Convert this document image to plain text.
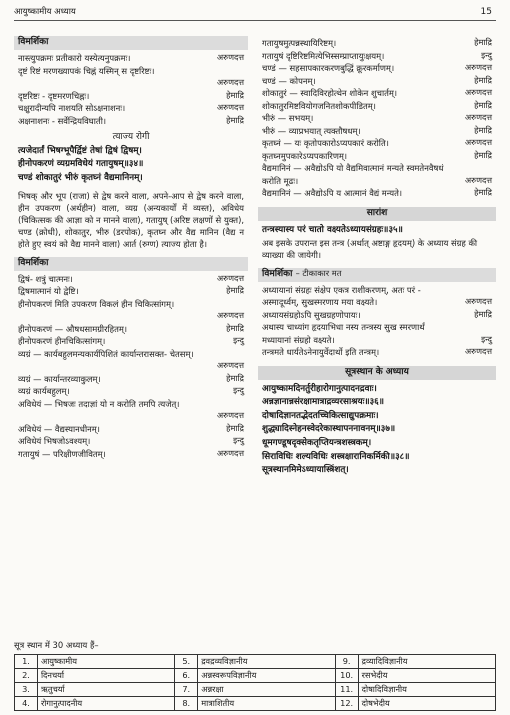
आयुष्कामीय अध्याय	15
विमर्शिका
नास्त्युपक्रमः प्रतीकारो यस्येत्यनुपक्रमः।	अरुणदत्त
दृष्टं रिष्टं मरणख्यापकं चिह्नं यस्मिन् स दृष्टरिष्टः।
अरुणदत्त
दृष्टरिष्टः - दृष्टमरणचिह्नः।	हेमाद्रि
चक्षुरादीन्यपि नाशयति सोऽक्षनाशनः।	अरुणदत्त
अक्षनाशनः - सर्वेन्द्रियविघाती।	हेमाद्रि
त्याज्य रोगी
त्यजेदार्तं भिषग्भूपैर्द्विष्टं तेषां द्विषं द्विषम्।
हीनोपकरणं व्यग्रमविधेयं गतायुषम्॥३४॥
चण्डं शोकातुरं भीरुं कृतघ्नं वैद्यमानिनम्।
भिषक् और भूप (राजा) से द्वेष करने वाला, अपने-आप से द्वेष करने वाला, हीन उपकरण (अर्थहीन) वाला, व्यग्र (अन्यकार्यों में व्यस्त), अविधेय (चिकित्सक की आज्ञा को न मानने वाला), गतायुष् (अरिष्ट लक्षणों से युक्त), चण्ड (क्रोधी), शोकातुर, भीरु (डरपोक), कृतघ्न और वैद्य मानिन (वैद्य न होते हुए स्वयं को वैद्य मानने वाला) आर्त (रुग्ण) त्याज्य होता है।
विमर्शिका
द्विषं- शत्रुं चात्मनः।	अरुणदत्त
द्विषमात्मानं यो द्वेष्टि।	हेमाद्रि
हीनोपकरणं मिति उपकरण विकलं हीन चिकित्सांगम्।
अरुणदत्त
हीनोपकरणं — औषधसामग्रीरहितम्।	हेमाद्रि
हीनोपकरणं हीनचिकित्सांगम्।	इन्दु
व्यग्रं — कार्यबहुलमन्यकार्यपिशितं कार्यान्तरासक्त- चेतसम्।
अरुणदत्त
व्यग्रं — कार्यान्तरव्याकुलम्।	हेमाद्रि
व्यग्रं कार्यबहुलम्।	इन्दु
अविधेयं — भिषजः तदाज्ञां यो न करोति तमपि त्यजेत्।
अरुणदत्त
अविधेयं — वैद्यस्यानधीनम्।	हेमाद्रि
अविधेयं भिषजोऽवश्यम्।	इन्दु
गतायुषं — परिक्षीणजीवितम्।	अरुणदत्त
गतायुषमुत्पन्नस्थायिरिष्टम्।	हेमाद्रि
गतायुषं दृष्टिरिष्टमित्येभिस्सम्प्राप्तायुःक्षयम्।	इन्दु
चण्डं — सहसापकारकरणबुद्धिं क्रूरकर्माणम्।	अरुणदत्त
चण्डं — कोपनम्।	हेमाद्रि
शोकातुरं — स्वादिविरहोत्थेन शोकेन शुचार्तम्।	अरुणदत्त
शोकातुरमिष्टवियोगजनितशोकपीडितम्।	हेमाद्रि
भीरुं — सभयम्।	अरुणदत्त
भीरुं — व्याप्रभयात् त्यक्तौषधम्।	हेमाद्रि
कृतघ्नं — यः कृतोपकारोऽप्यपकारं करोति।	अरुणदत्त
कृतघ्नमुपकारेऽप्यपकारिणम्।	हेमाद्रि
वैद्यमानिनं — अवैद्योऽपि यो वैद्यमिवात्मानं मन्यते स्वमतेनवैषधं
करोति मूढः।	अरुणदत्त
वैद्यमानिनं — अवैद्योऽपि य आत्मानं वैद्यं मन्यते।	हेमाद्रि
सारांश
तन्त्रस्यास्य परं चातो वक्ष्यतेऽध्यायसंग्रहः॥३५॥
अब इसके उपरान्त इस तन्त्र (अर्थात् अष्टाङ्ग हृदयम्) के अध्याय संग्रह की व्याख्या की जायेगी।
विमर्शिका – टीकाकार मत
अध्यायानां संग्रहः संक्षेप एकत्र राशीकरणम्, अतः परं -
अस्मादूर्ध्वम्, सुखस्मरणाय मया वक्ष्यते।	अरुणदत्त
अध्यायसंग्रहोऽपि सुखग्रहणोपायः।	हेमाद्रि
अथास्य चाध्यांग हृदयाभिधा नस्य तन्त्रस्य सुख स्मरणार्थं
मध्यायानां संग्रहो वक्ष्यते।	इन्दु
तन्त्रमते धार्यतेऽनेनायुर्वेदार्थो इति तन्त्रम्।	अरुणदत्त
सूत्रस्थान के अध्याय
आयुष्कामदिनर्तुरीहारोगानुत्पादनद्रवाः।
अन्नज्ञानान्नसंरक्षामात्राद्रव्यरसाश्रयः॥३६॥
दोषादिज्ञानतद्भेदतच्चिकित्साद्युपक्रमाः।
शुद्ध्यादिस्नेहनस्वेदरेकास्थापननावनम्॥३७॥
धूमगण्डूषदृक्सेकतृप्तियन्त्रशस्त्रकम्।
सिराविधिः शल्यविधिः शस्त्रक्षारानिकर्मिकी॥३८॥
सूत्रस्थानमिमेऽध्यायास्त्रिंशत्।
सूत्र स्थान में 30 अध्याय हैं–
1.	आयुष्कामीय	5.	द्रवद्रव्यविज्ञानीय	9.	द्रव्यादिविज्ञानीय
2.	दिनचर्या	6.	अन्नस्वरूपविज्ञानीय	10.	रसभेदीय
3.	ऋतुचर्या	7.	अन्नरक्षा	11.	दोषादिविज्ञानीय
4.	रोगानुत्पादनीय	8.	मात्राशितीय	12.	दोषभेदीय
